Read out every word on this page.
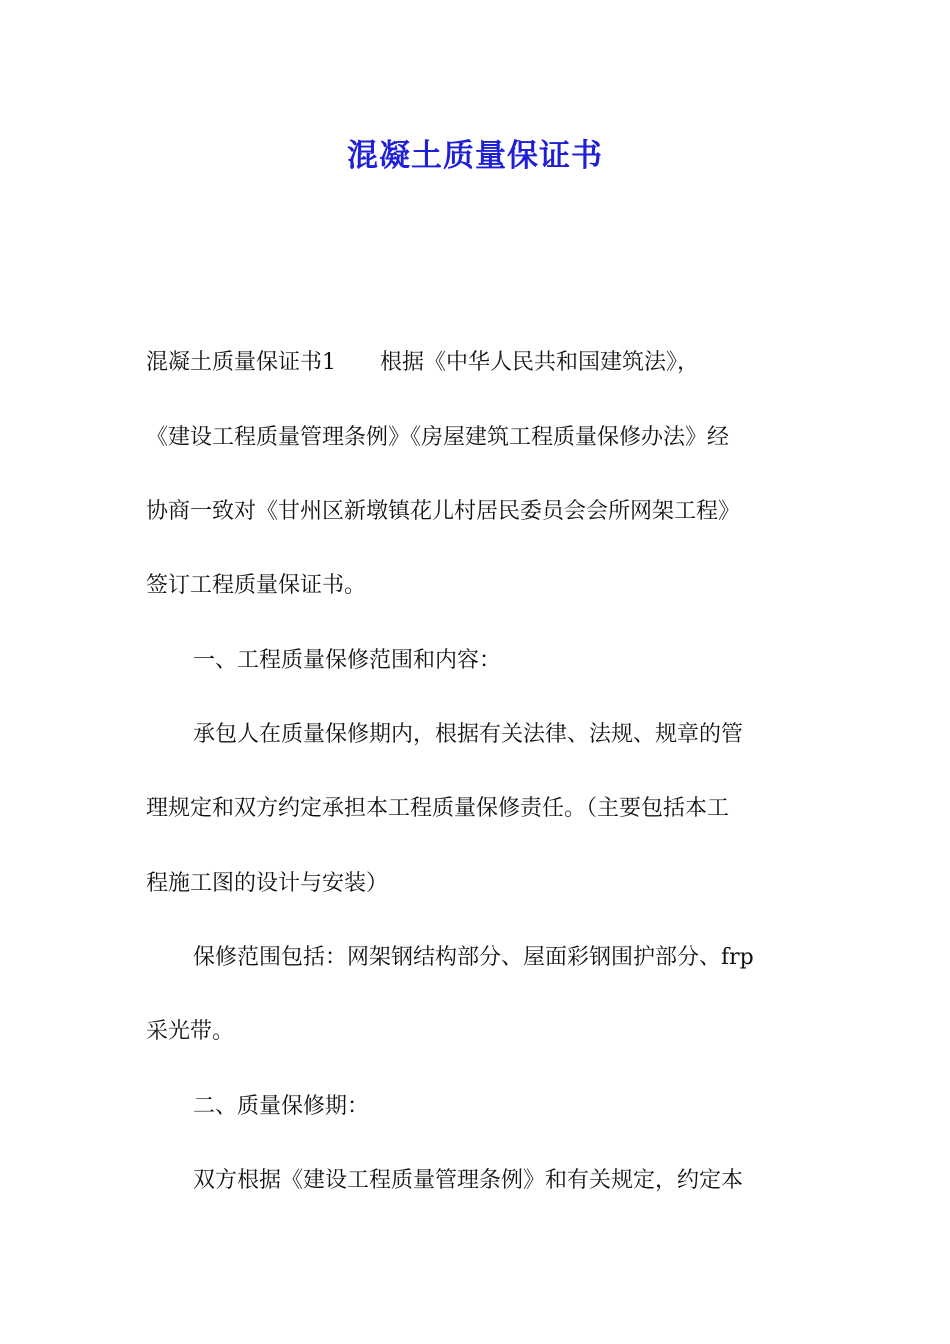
混凝土质量保证书

混凝土质量保证书1　　根据《中华人民共和国建筑法》，

《建设工程质量管理条例》《房屋建筑工程质量保修办法》经

协商一致对《甘州区新墩镇花儿村居民委员会会所网架工程》

签订工程质量保证书。

一、工程质量保修范围和内容：

承包人在质量保修期内，根据有关法律、法规、规章的管

理规定和双方约定承担本工程质量保修责任。（主要包括本工

程施工图的设计与安装）

保修范围包括：网架钢结构部分、屋面彩钢围护部分、frp

采光带。

二、质量保修期：

双方根据《建设工程质量管理条例》和有关规定，约定本
